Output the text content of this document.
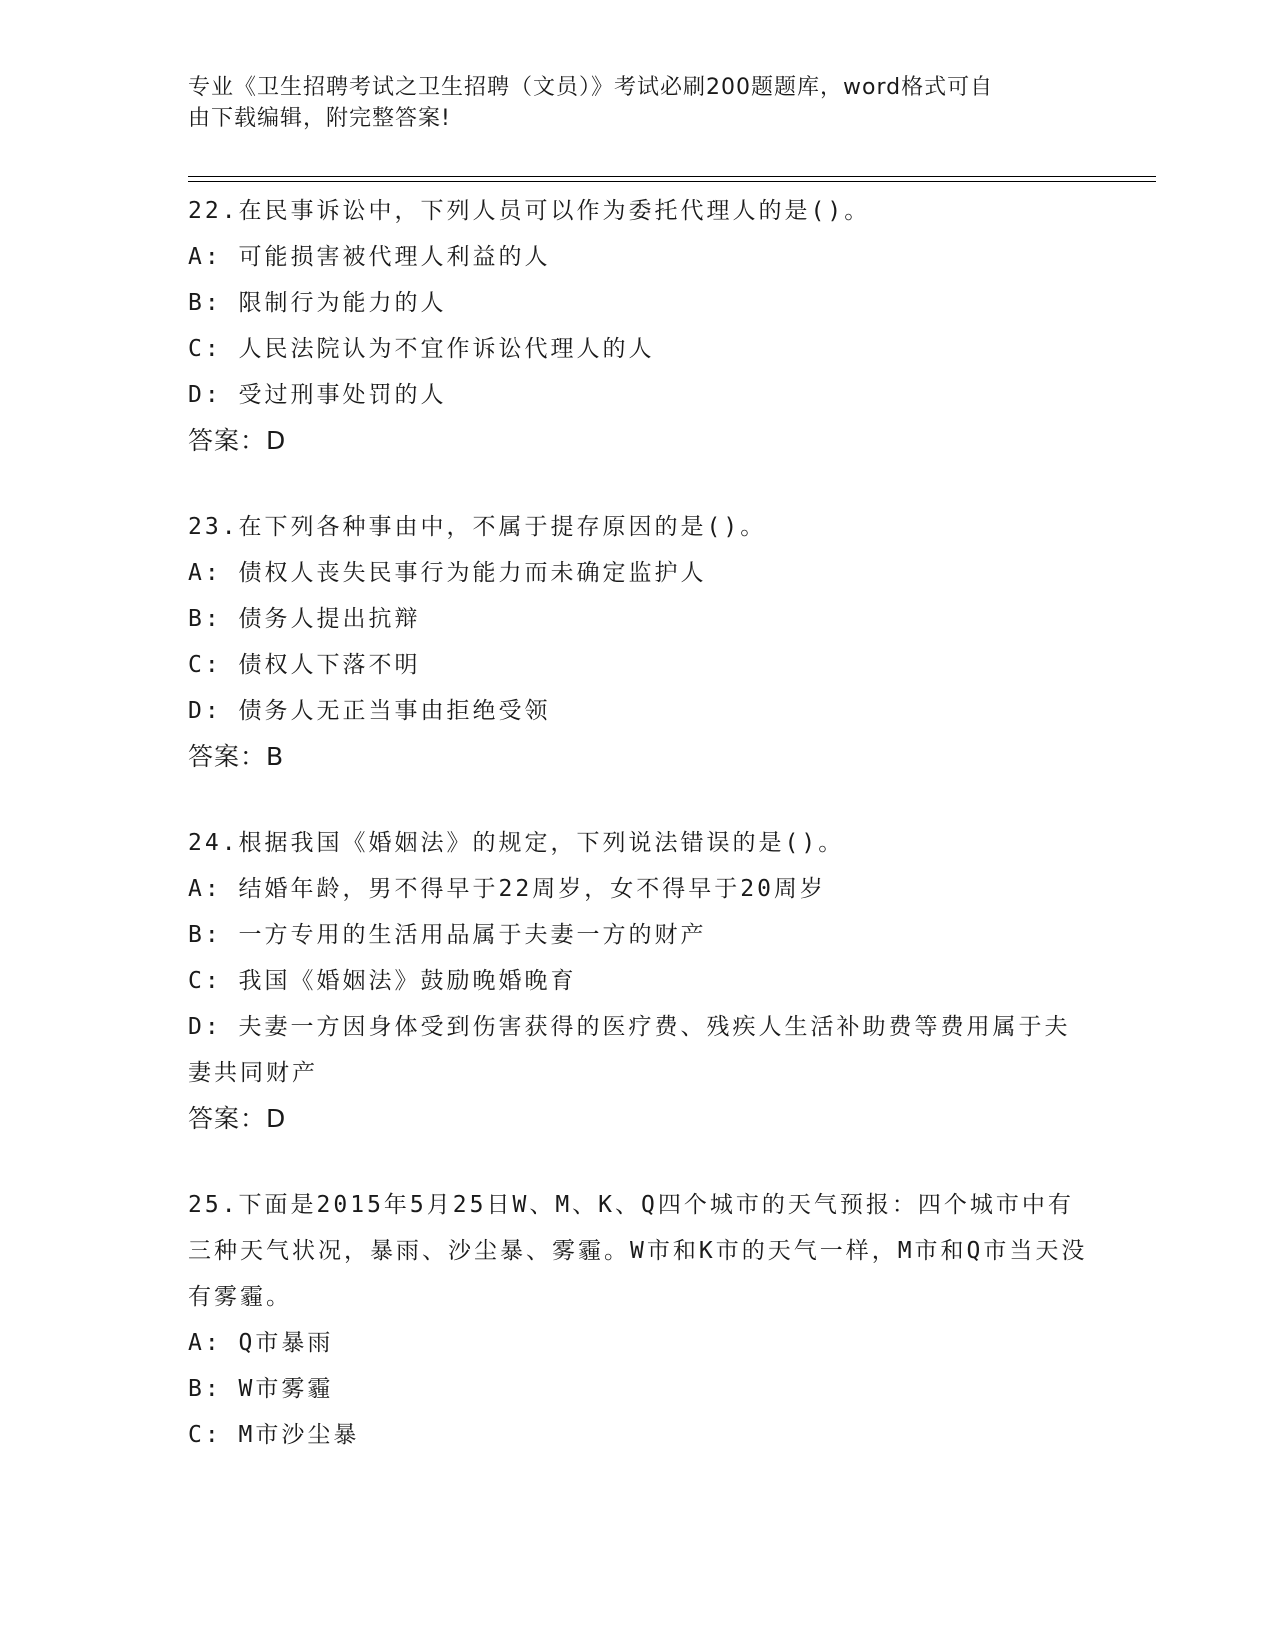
专业《卫生招聘考试之卫生招聘（文员）》考试必刷200题题库，word格式可自
由下载编辑，附完整答案!
22.在民事诉讼中，下列人员可以作为委托代理人的是()。
A: 可能损害被代理人利益的人
B: 限制行为能力的人
C: 人民法院认为不宜作诉讼代理人的人
D: 受过刑事处罚的人
答案：D
23.在下列各种事由中，不属于提存原因的是()。
A: 债权人丧失民事行为能力而未确定监护人
B: 债务人提出抗辩
C: 债权人下落不明
D: 债务人无正当事由拒绝受领
答案：B
24.根据我国《婚姻法》的规定，下列说法错误的是()。
A: 结婚年龄，男不得早于22周岁，女不得早于20周岁
B: 一方专用的生活用品属于夫妻一方的财产
C: 我国《婚姻法》鼓励晚婚晚育
D: 夫妻一方因身体受到伤害获得的医疗费、残疾人生活补助费等费用属于夫妻共同财产
答案：D
25.下面是2015年5月25日W、M、K、Q四个城市的天气预报：四个城市中有三种天气状况，暴雨、沙尘暴、雾霾。W市和K市的天气一样，M市和Q市当天没有雾霾。
A: Q市暴雨
B: W市雾霾
C: M市沙尘暴
